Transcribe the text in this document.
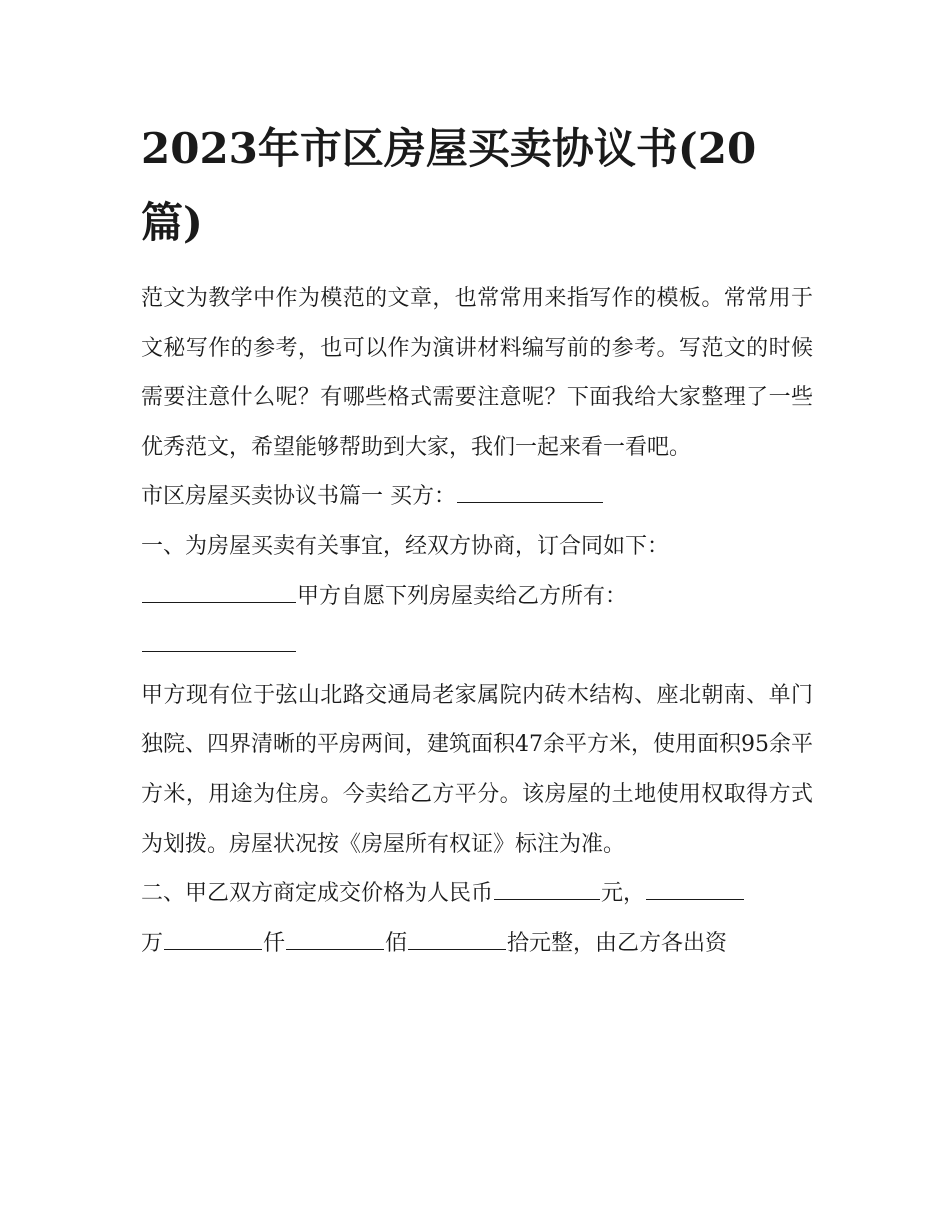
2023年市区房屋买卖协议书(20篇)

范文为教学中作为模范的文章，也常常用来指写作的模板。常常用于文秘写作的参考，也可以作为演讲材料编写前的参考。写范文的时候需要注意什么呢？有哪些格式需要注意呢？下面我给大家整理了一些优秀范文，希望能够帮助到大家，我们一起来看一看吧。

市区房屋买卖协议书篇一 买方：

一、为房屋买卖有关事宜，经双方协商，订合同如下：

甲方自愿下列房屋卖给乙方所有：

甲方现有位于弦山北路交通局老家属院内砖木结构、座北朝南、单门独院、四界清晰的平房两间，建筑面积47余平方米，使用面积95余平方米，用途为住房。今卖给乙方平分。该房屋的土地使用权取得方式为划拨。房屋状况按《房屋所有权证》标注为准。

二、甲乙双方商定成交价格为人民币	元，

万	仟	佰	拾元整，由乙方各出资
